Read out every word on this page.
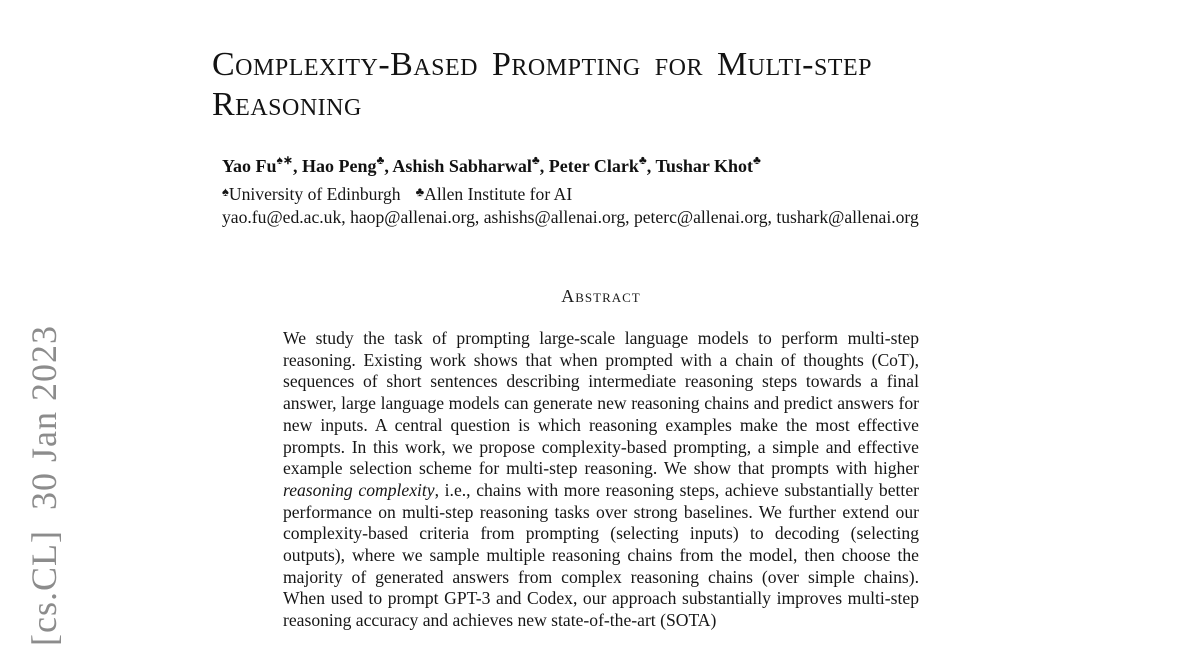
[cs.CL]  30 Jan 2023
Complexity-Based Prompting for Multi-step
Reasoning
Yao Fu♠∗, Hao Peng♣, Ashish Sabharwal♣, Peter Clark♣, Tushar Khot♣
♠University of Edinburgh ♣Allen Institute for AI
yao.fu@ed.ac.uk, haop@allenai.org, ashishs@allenai.org, peterc@allenai.org, tushark@allenai.org
Abstract

We study the task of prompting large-scale language models to perform multi-step reasoning. Existing work shows that when prompted with a chain of thoughts (CoT), sequences of short sentences describing intermediate reasoning steps towards a final answer, large language models can generate new reasoning chains and predict answers for new inputs. A central question is which reasoning examples make the most effective prompts. In this work, we propose complexity-based prompting, a simple and effective example selection scheme for multi-step reasoning. We show that prompts with higher reasoning complexity, i.e., chains with more reasoning steps, achieve substantially better performance on multi-step reasoning tasks over strong baselines. We further extend our complexity-based criteria from prompting (selecting inputs) to decoding (selecting outputs), where we sample multiple reasoning chains from the model, then choose the majority of generated answers from complex reasoning chains (over simple chains). When used to prompt GPT-3 and Codex, our approach substantially improves multi-step reasoning accuracy and achieves new state-of-the-art (SOTA)
